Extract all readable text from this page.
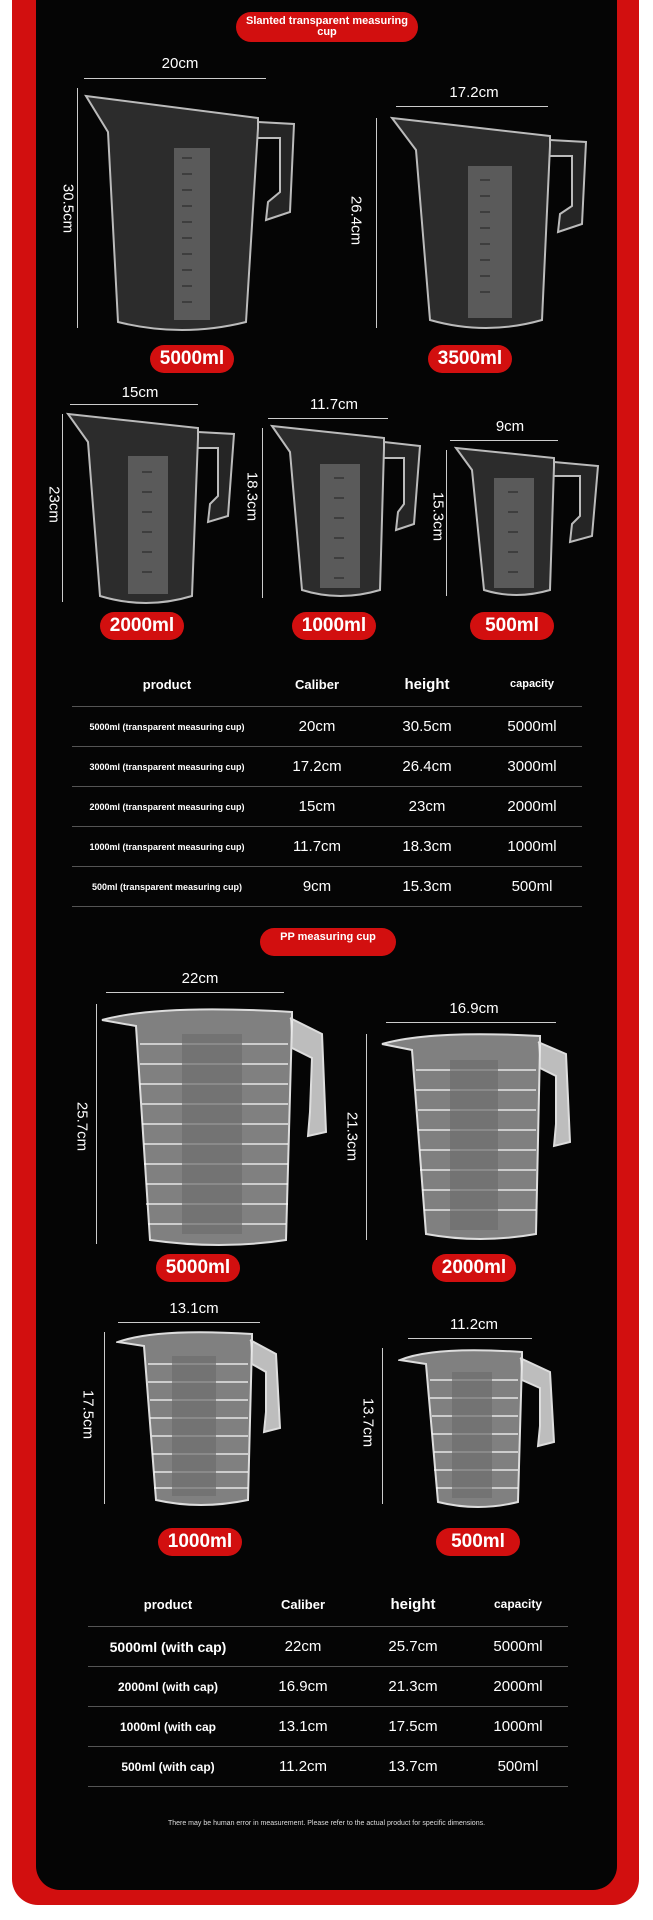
Slanted transparent measuring cup
20cm
30.5cm
5000ml
17.2cm
26.4cm
3500ml
15cm
23cm
2000ml
11.7cm
18.3cm
1000ml
9cm
15.3cm
500ml
product	Caliber	height	capacity
5000ml (transparent measuring cup)	20cm	30.5cm	5000ml
3000ml (transparent measuring cup)	17.2cm	26.4cm	3000ml
2000ml (transparent measuring cup)	15cm	23cm	2000ml
1000ml (transparent measuring cup)	11.7cm	18.3cm	1000ml
500ml (transparent measuring cup)	9cm	15.3cm	500ml
PP measuring cup
22cm
25.7cm
5000ml
16.9cm
21.3cm
2000ml
13.1cm
17.5cm
1000ml
11.2cm
13.7cm
500ml
product	Caliber	height	capacity
5000ml (with cap)	22cm	25.7cm	5000ml
2000ml (with cap)	16.9cm	21.3cm	2000ml
1000ml (with cap	13.1cm	17.5cm	1000ml
500ml (with cap)	11.2cm	13.7cm	500ml
There may be human error in measurement. Please refer to the actual product for specific dimensions.
